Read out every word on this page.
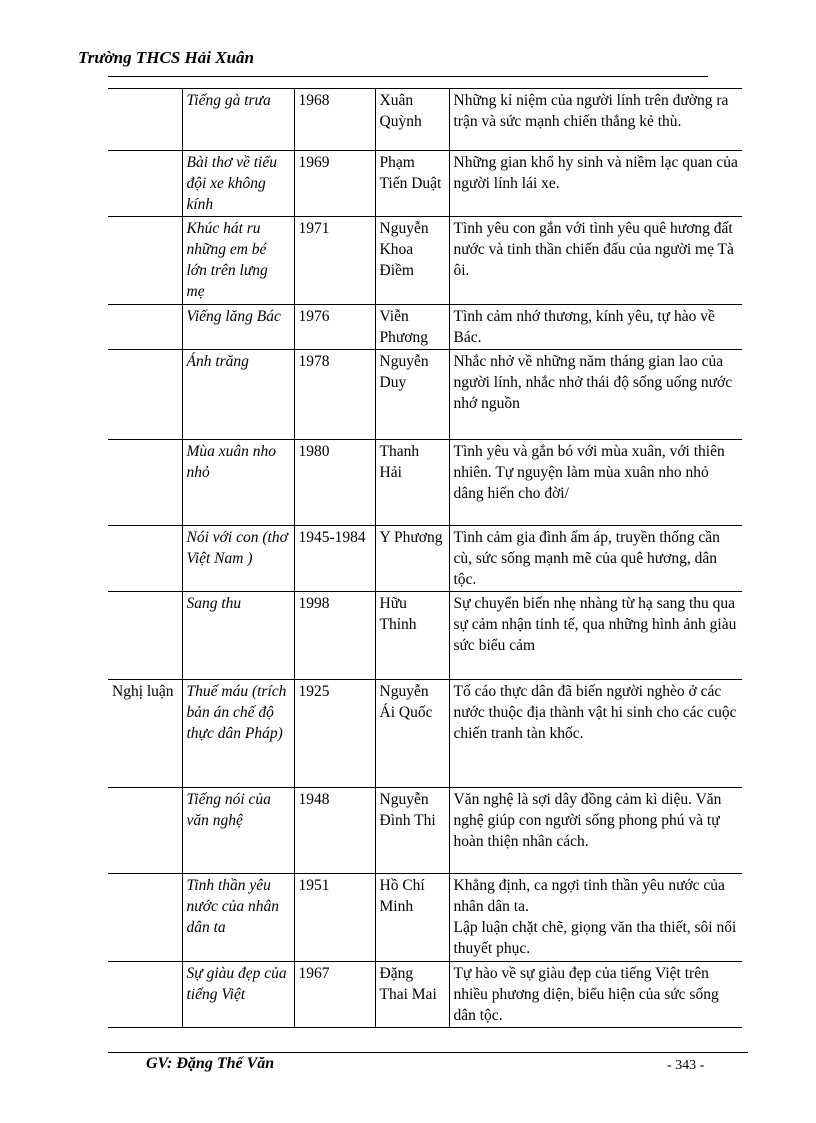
Trường THCS Hải Xuân
	Tiếng gà trưa	1968	Xuân Quỳnh	Những kỉ niệm của người lính trên đường ra trận và sức mạnh chiến thắng kẻ thù.
	Bài thơ về tiểu đội xe không kính	1969	Phạm Tiến Duật	Những gian khổ hy sinh và niềm lạc quan của người lính lái xe.
	Khúc hát ru những em bé lớn trên lưng mẹ	1971	Nguyễn Khoa Điềm	Tình yêu con gắn với tình yêu quê hương đất nước và tinh thần chiến đấu của người mẹ Tà ôi.
	Viếng lăng Bác	1976	Viễn Phương	Tình cảm nhớ thương, kính yêu, tự hào về Bác.
	Ánh trăng	1978	Nguyễn Duy	Nhắc nhở về những năm tháng gian lao của người lính, nhắc nhở thái độ sống uống nước nhớ nguồn
	Mùa xuân nho nhỏ	1980	Thanh Hải	Tình yêu và gắn bó với mùa xuân, với thiên nhiên. Tự nguyện làm mùa xuân nho nhỏ dâng hiến cho đời/
	Nói với con (thơ Việt Nam )	1945-1984	Y Phương	Tình cảm gia đình ấm áp, truyền thống cần cù, sức sống mạnh mẽ của quê hương, dân tộc.
	Sang thu	1998	Hữu Thỉnh	Sự chuyển biến nhẹ nhàng từ hạ sang thu qua sự cảm nhận tinh tế, qua những hình ảnh giàu sức biểu cảm
Nghị luận	Thuế máu (trích bản án chế độ thực dân Pháp)	1925	Nguyễn Ái Quốc	Tố cáo thực dân đã biến người nghèo ở các nước thuộc địa thành vật hi sinh cho các cuộc chiến tranh tàn khốc.
	Tiếng nói của văn nghệ	1948	Nguyễn Đình Thi	Văn nghệ là sợi dây đồng cảm kì diệu. Văn nghệ giúp con người sống phong phú và tự hoàn thiện nhân cách.
	Tinh thần yêu nước của nhân dân ta	1951	Hồ Chí Minh	Khẳng định, ca ngợi tinh thần yêu nước của nhân dân ta.
Lập luận chặt chẽ, giọng văn tha thiết, sôi nổi thuyết phục.
	Sự giàu đẹp của tiếng Việt	1967	Đặng Thai Mai	Tự hào về sự giàu đẹp của tiếng Việt trên nhiều phương diện, biểu hiện của sức sống dân tộc.
GV: Đặng Thế Văn	- 343 -
